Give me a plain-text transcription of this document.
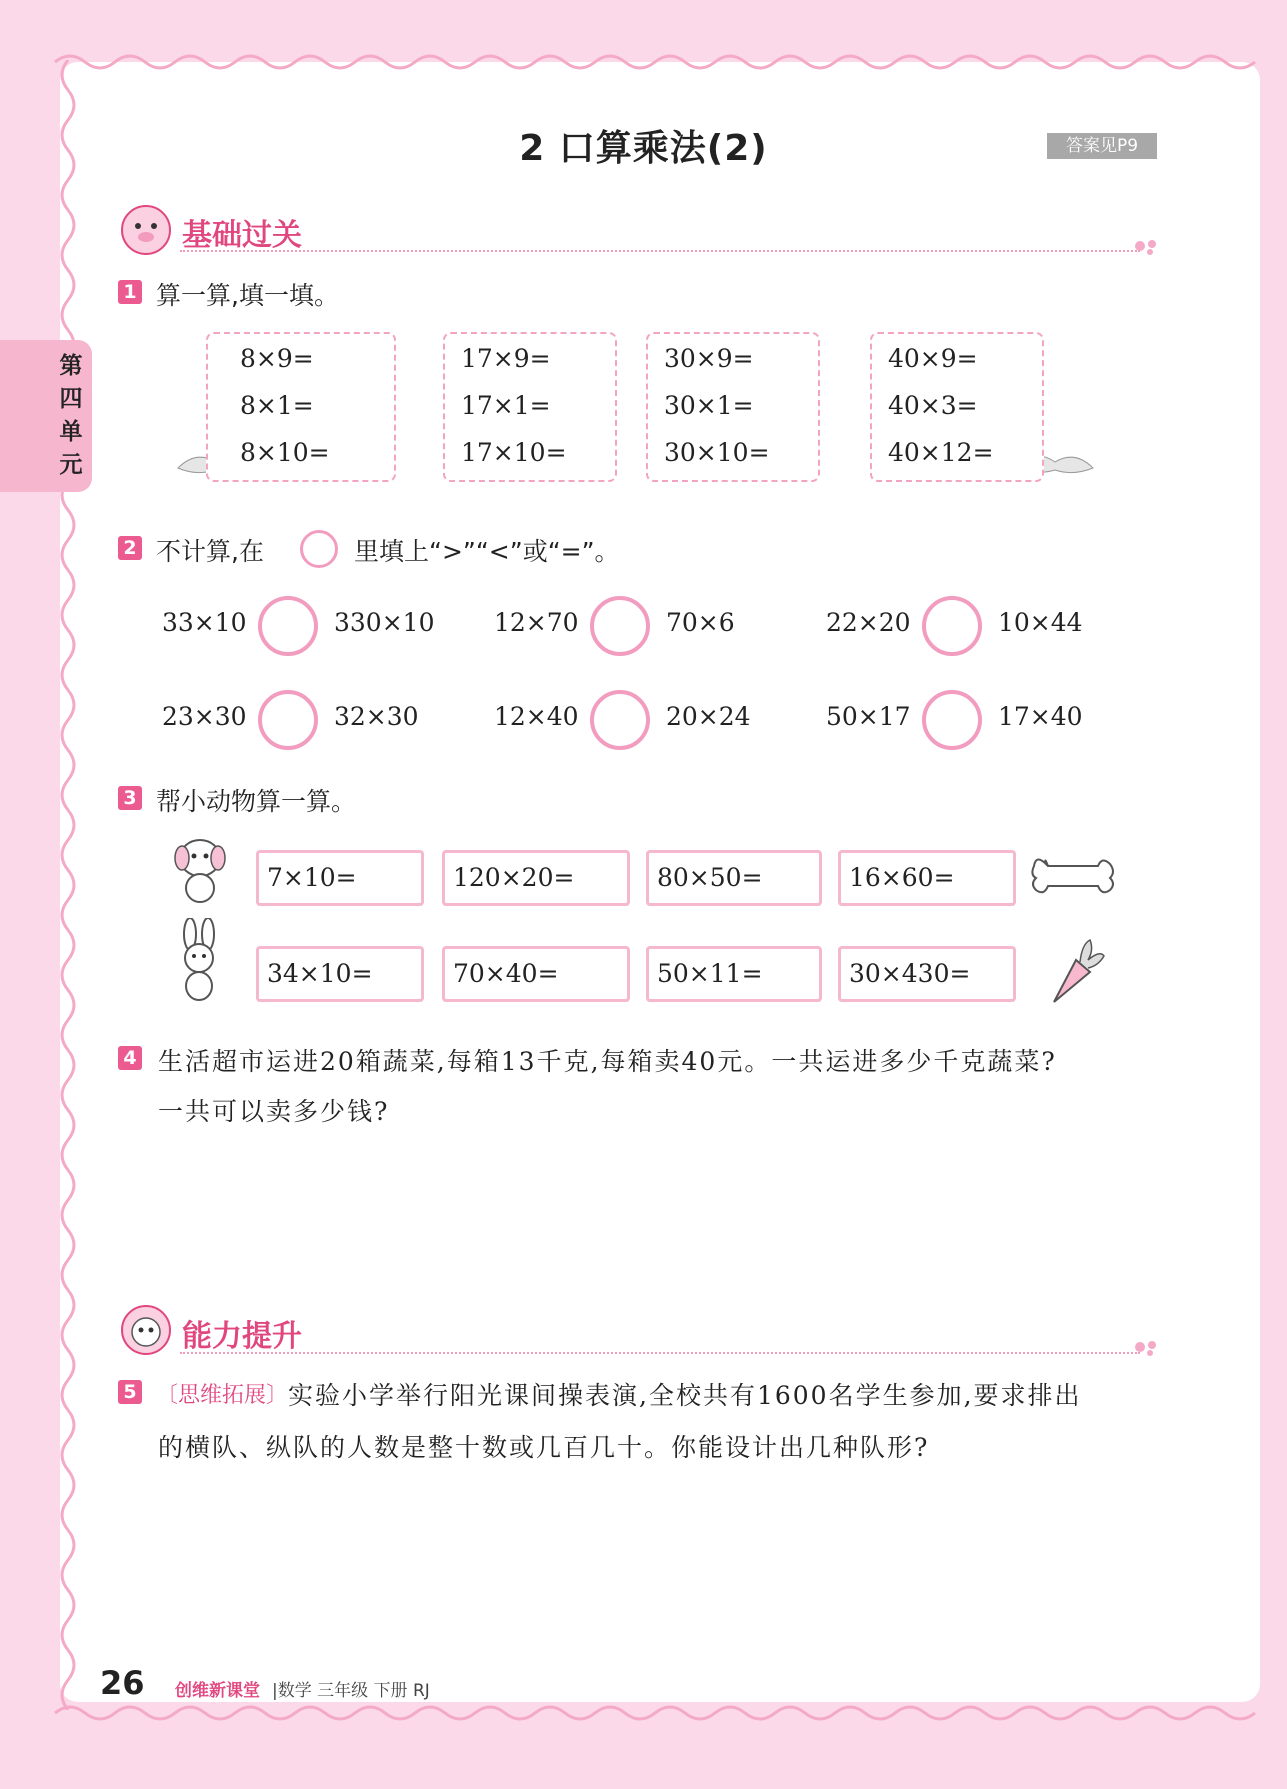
2 口算乘法(2)	答案见P9
第四单元
基础过关
1 算一算,填一填。
8×9=
8×1=
8×10=
17×9=
17×1=
17×10=
30×9=
30×1=
30×10=
40×9=
40×3=
40×12=
2 不计算,在	里填上“>”“<”或“=”。
33×10	330×10 12×70	70×6	22×20	10×44
23×30	32×30	12×40	20×24	50×17	17×40
3 帮小动物算一算。
7×10=	120×20=	80×50=	16×60=
34×10=	70×40=	50×11=	30×430=
4 生活超市运进20箱蔬菜,每箱13千克,每箱卖40元。一共运进多少千克蔬菜?
一共可以卖多少钱?
能力提升
5 〔思维拓展〕 实验小学举行阳光课间操表演,全校共有1600名学生参加,要求排出
的横队、纵队的人数是整十数或几百几十。你能设计出几种队形?
26 创维新课堂 |数学 三年级 下册 RJ
